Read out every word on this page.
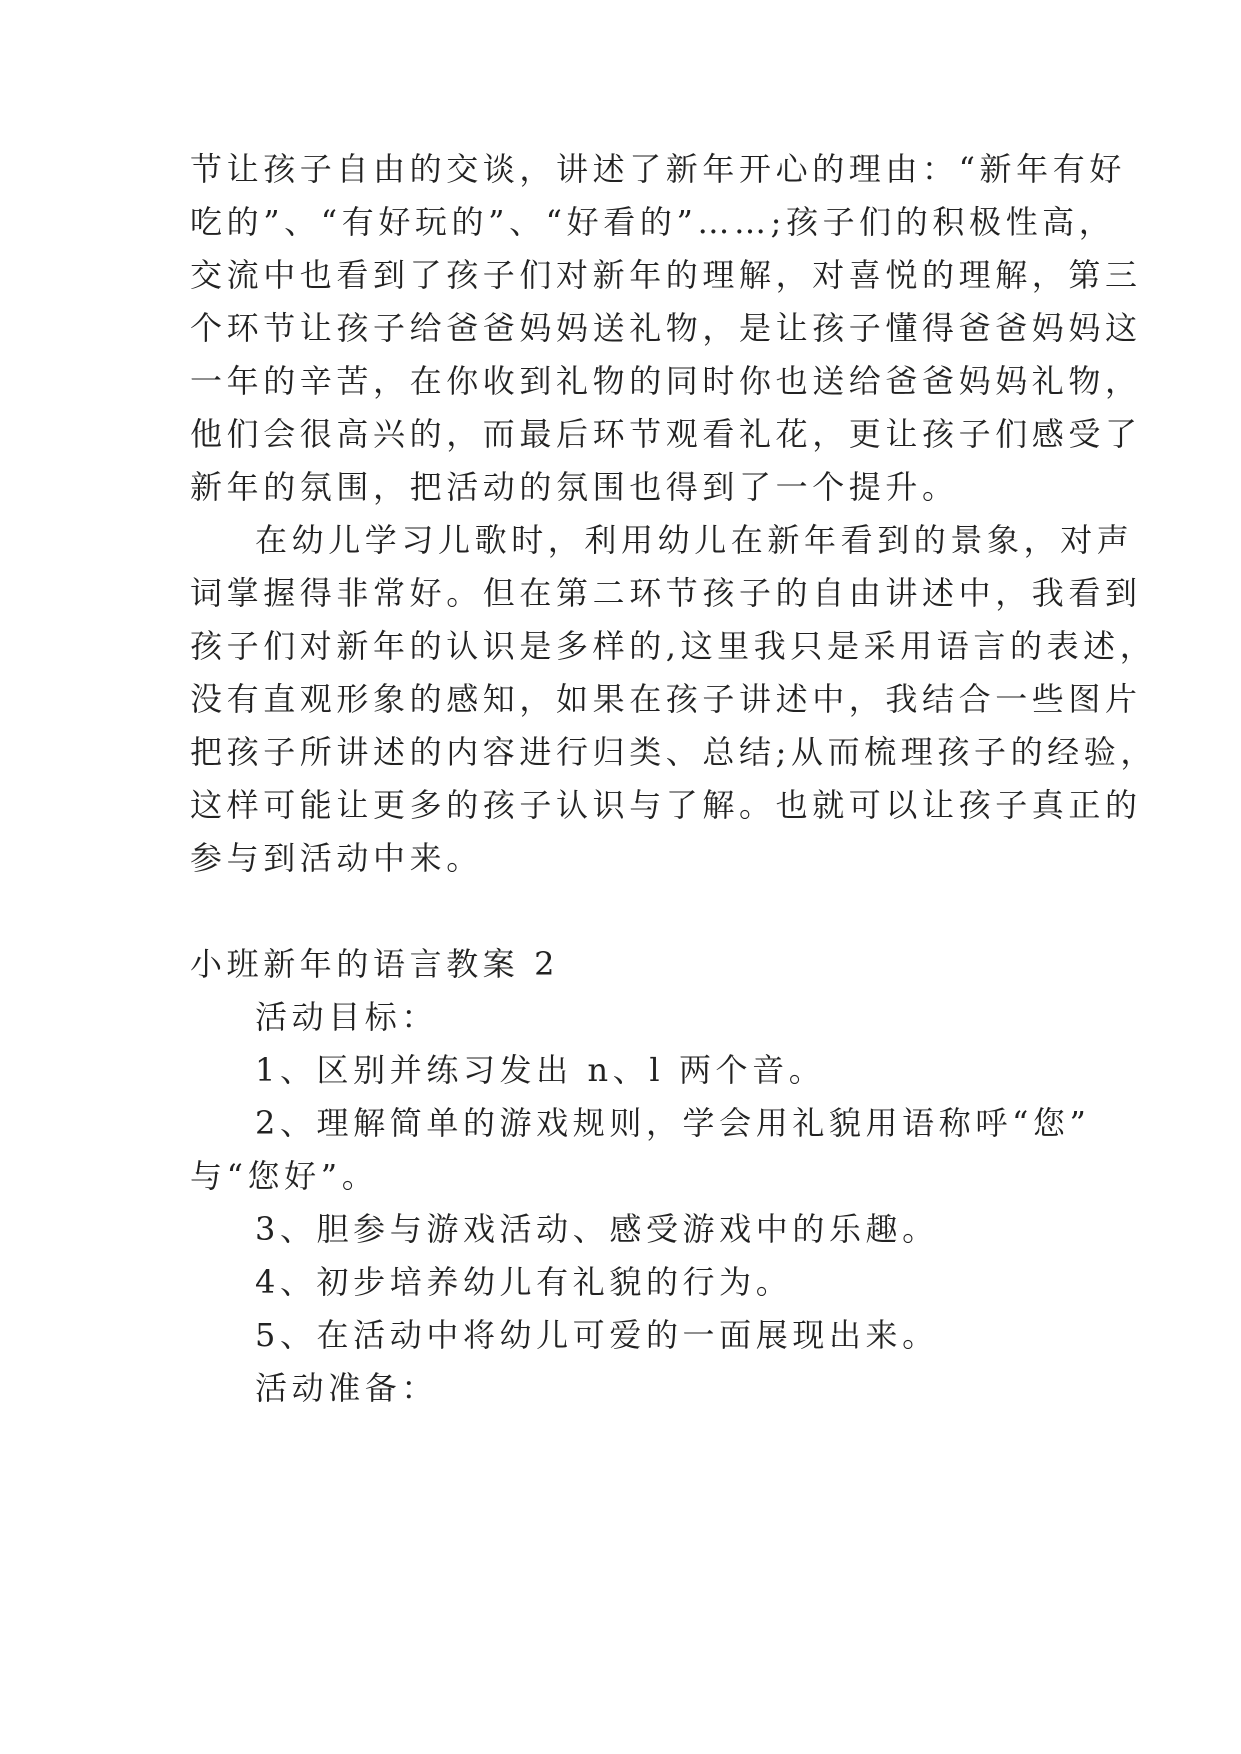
节让孩子自由的交谈，讲述了新年开心的理由：“新年有好
吃的”、“有好玩的”、“好看的”……;孩子们的积极性高，
交流中也看到了孩子们对新年的理解，对喜悦的理解，第三
个环节让孩子给爸爸妈妈送礼物，是让孩子懂得爸爸妈妈这
一年的辛苦，在你收到礼物的同时你也送给爸爸妈妈礼物，
他们会很高兴的，而最后环节观看礼花，更让孩子们感受了
新年的氛围，把活动的氛围也得到了一个提升。
在幼儿学习儿歌时，利用幼儿在新年看到的景象，对声
词掌握得非常好。但在第二环节孩子的自由讲述中，我看到
孩子们对新年的认识是多样的,这里我只是采用语言的表述，
没有直观形象的感知，如果在孩子讲述中，我结合一些图片
把孩子所讲述的内容进行归类、总结;从而梳理孩子的经验，
这样可能让更多的孩子认识与了解。也就可以让孩子真正的
参与到活动中来。
小班新年的语言教案 2
活动目标：
1、区别并练习发出 n、l 两个音。
2、理解简单的游戏规则，学会用礼貌用语称呼“您”
与“您好”。
3、胆参与游戏活动、感受游戏中的乐趣。
4、初步培养幼儿有礼貌的行为。
5、在活动中将幼儿可爱的一面展现出来。
活动准备：
